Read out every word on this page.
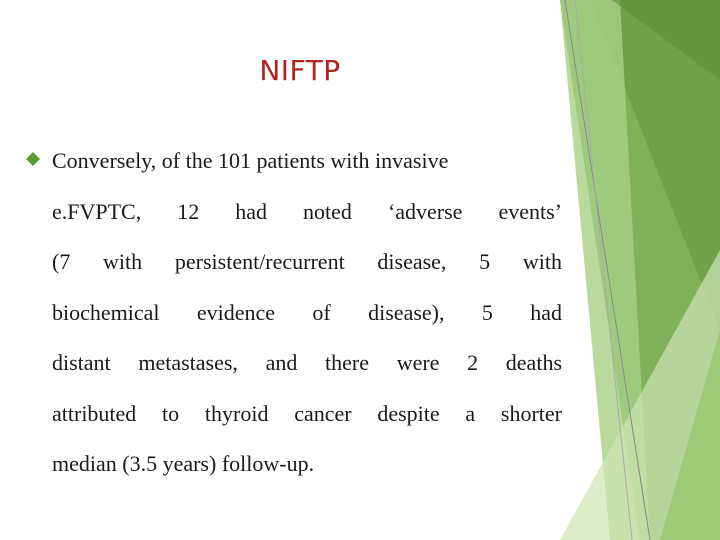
NIFTP
Conversely, of the 101 patients with invasive
e.FVPTC, 12 had noted ‘adverse events’
(7 with persistent/recurrent disease, 5 with
biochemical evidence of disease), 5 had
distant metastases, and there were 2 deaths
attributed to thyroid cancer despite a shorter
median (3.5 years) follow-up.
